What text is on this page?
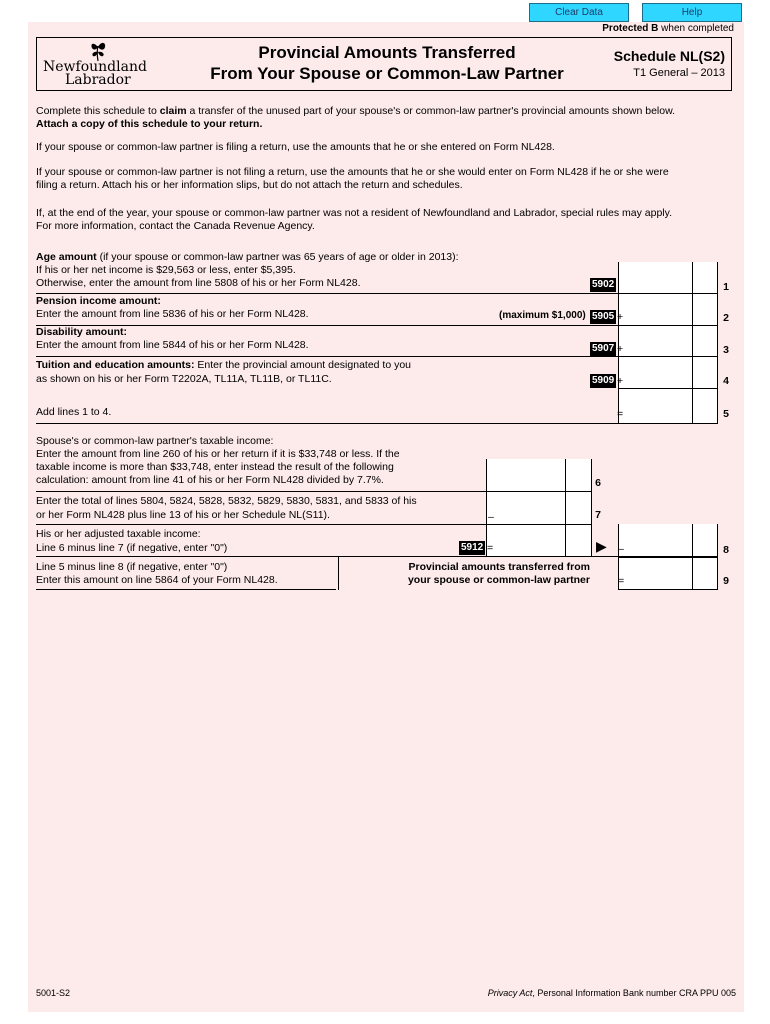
Clear Data	Help
Protected B when completed
Newfoundland
Labrador
Provincial Amounts Transferred
From Your Spouse or Common-Law Partner
Schedule NL(S2)
T1 General – 2013
Complete this schedule to claim a transfer of the unused part of your spouse's or common-law partner's provincial amounts shown below.
Attach a copy of this schedule to your return.
If your spouse or common-law partner is filing a return, use the amounts that he or she entered on Form NL428.
If your spouse or common-law partner is not filing a return, use the amounts that he or she would enter on Form NL428 if he or she were
filing a return. Attach his or her information slips, but do not attach the return and schedules.
If, at the end of the year, your spouse or common-law partner was not a resident of Newfoundland and Labrador, special rules may apply.
For more information, contact the Canada Revenue Agency.
Age amount (if your spouse or common-law partner was 65 years of age or older in 2013):
If his or her net income is $29,563 or less, enter $5,395.
Otherwise, enter the amount from line 5808 of his or her Form NL428.	5902	1
Pension income amount:
Enter the amount from line 5836 of his or her Form NL428.	(maximum $1,000) 5905 +	2
Disability amount:
Enter the amount from line 5844 of his or her Form NL428.	5907 +	3
Tuition and education amounts: Enter the provincial amount designated to you
as shown on his or her Form T2202A, TL11A, TL11B, or TL11C.	5909 +	4
Add lines 1 to 4.	=	5
Spouse's or common-law partner's taxable income:
Enter the amount from line 260 of his or her return if it is $33,748 or less. If the
taxable income is more than $33,748, enter instead the result of the following
calculation: amount from line 41 of his or her Form NL428 divided by 7.7%.	6
Enter the total of lines 5804, 5824, 5828, 5832, 5829, 5830, 5831, and 5833 of his
or her Form NL428 plus line 13 of his or her Schedule NL(S11).	–	7
His or her adjusted taxable income:
Line 6 minus line 7 (if negative, enter "0")	5912 =	▶ –	8
Line 5 minus line 8 (if negative, enter "0")
Enter this amount on line 5864 of your Form NL428.
Provincial amounts transferred from
your spouse or common-law partner	=	9
5001-S2	Privacy Act, Personal Information Bank number CRA PPU 005
